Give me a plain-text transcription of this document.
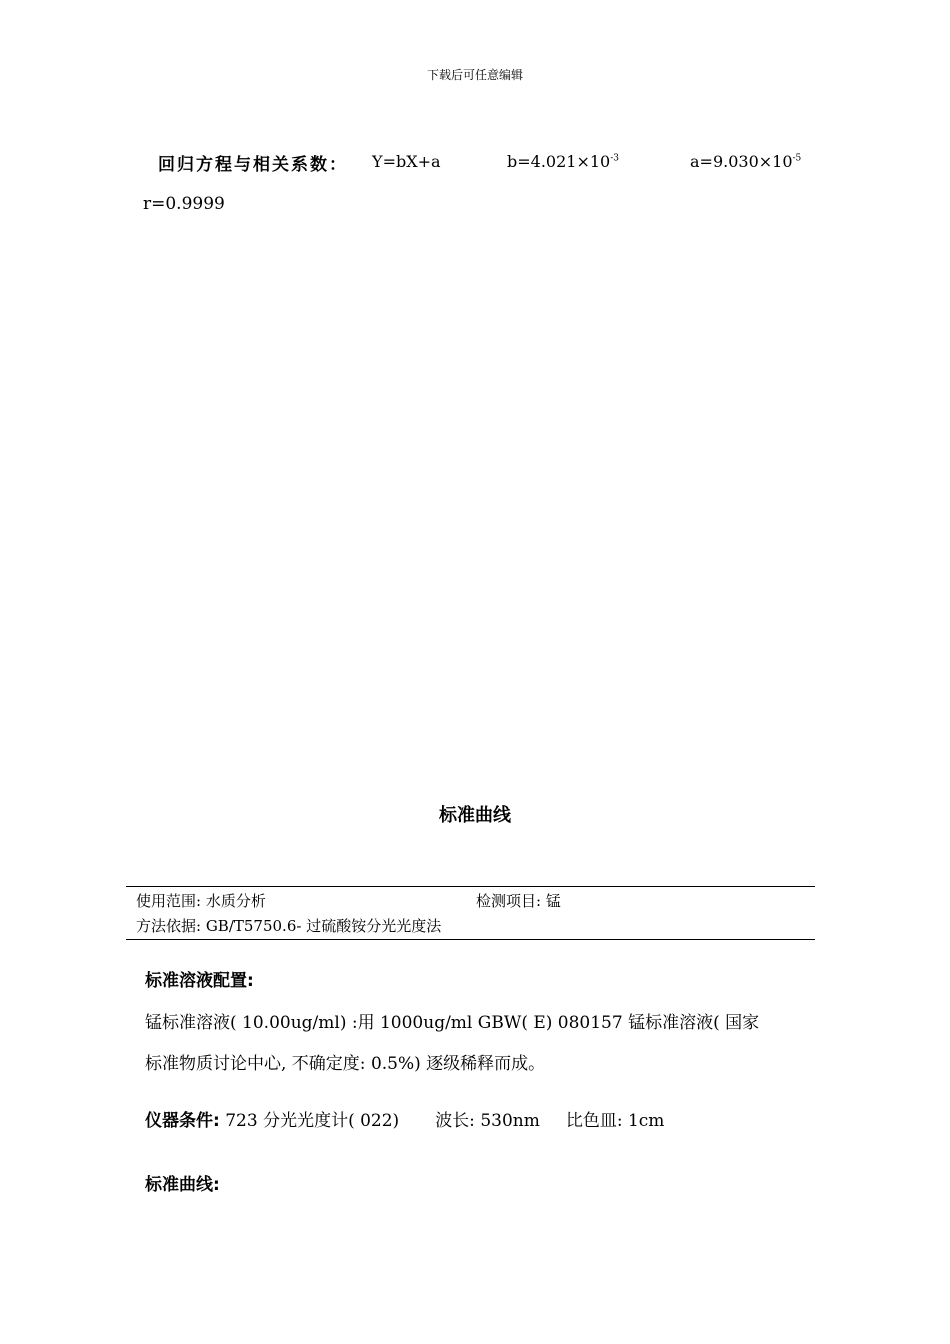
下载后可任意编辑
回归方程与相关系数： Y=bX+a	$b=4.021\times 10^{-3}$	$a=9.030\times 10^{-5}$
r=0.9999
标准曲线
使用范围: 水质分析	检测项目: 锰
方法依据: GB/T5750.6- 过硫酸铵分光光度法
标准溶液配置:
锰标准溶液( 10.00ug/ml) :用 1000ug/ml GBW( E) 080157 锰标准溶液( 国家
标准物质讨论中心, 不确定度: 0.5%) 逐级稀释而成。
仪器条件: 723 分光光度计( 022) 波长: 530nm 比色皿: 1cm
标准曲线:
